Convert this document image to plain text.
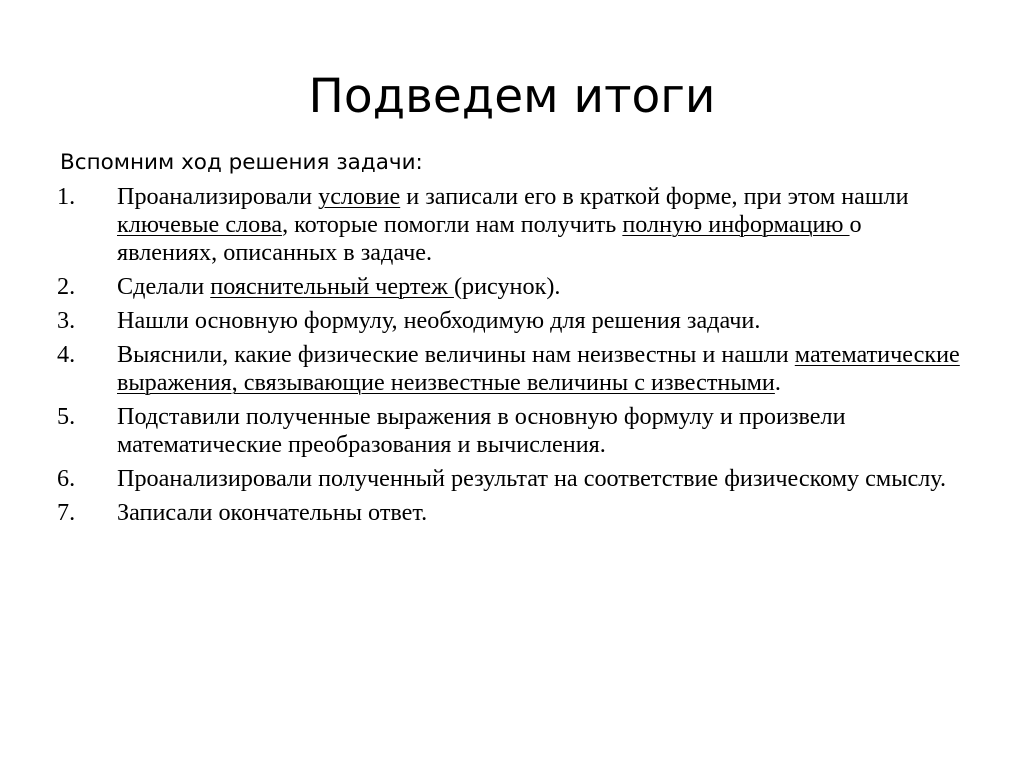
Подведем итоги
Вспомним ход решения задачи:
1. Проанализировали условие и записали его в краткой форме, при этом нашли ключевые слова, которые помогли нам получить полную информацию о явлениях, описанных в задаче.
2. Сделали пояснительный чертеж (рисунок).
3. Нашли основную формулу, необходимую для решения задачи.
4. Выяснили, какие физические величины нам неизвестны и нашли математические выражения, связывающие неизвестные величины с известными.
5. Подставили полученные выражения в основную формулу и произвели математические преобразования и вычисления.
6. Проанализировали полученный результат на соответствие физическому смыслу.
7. Записали окончательны ответ.
